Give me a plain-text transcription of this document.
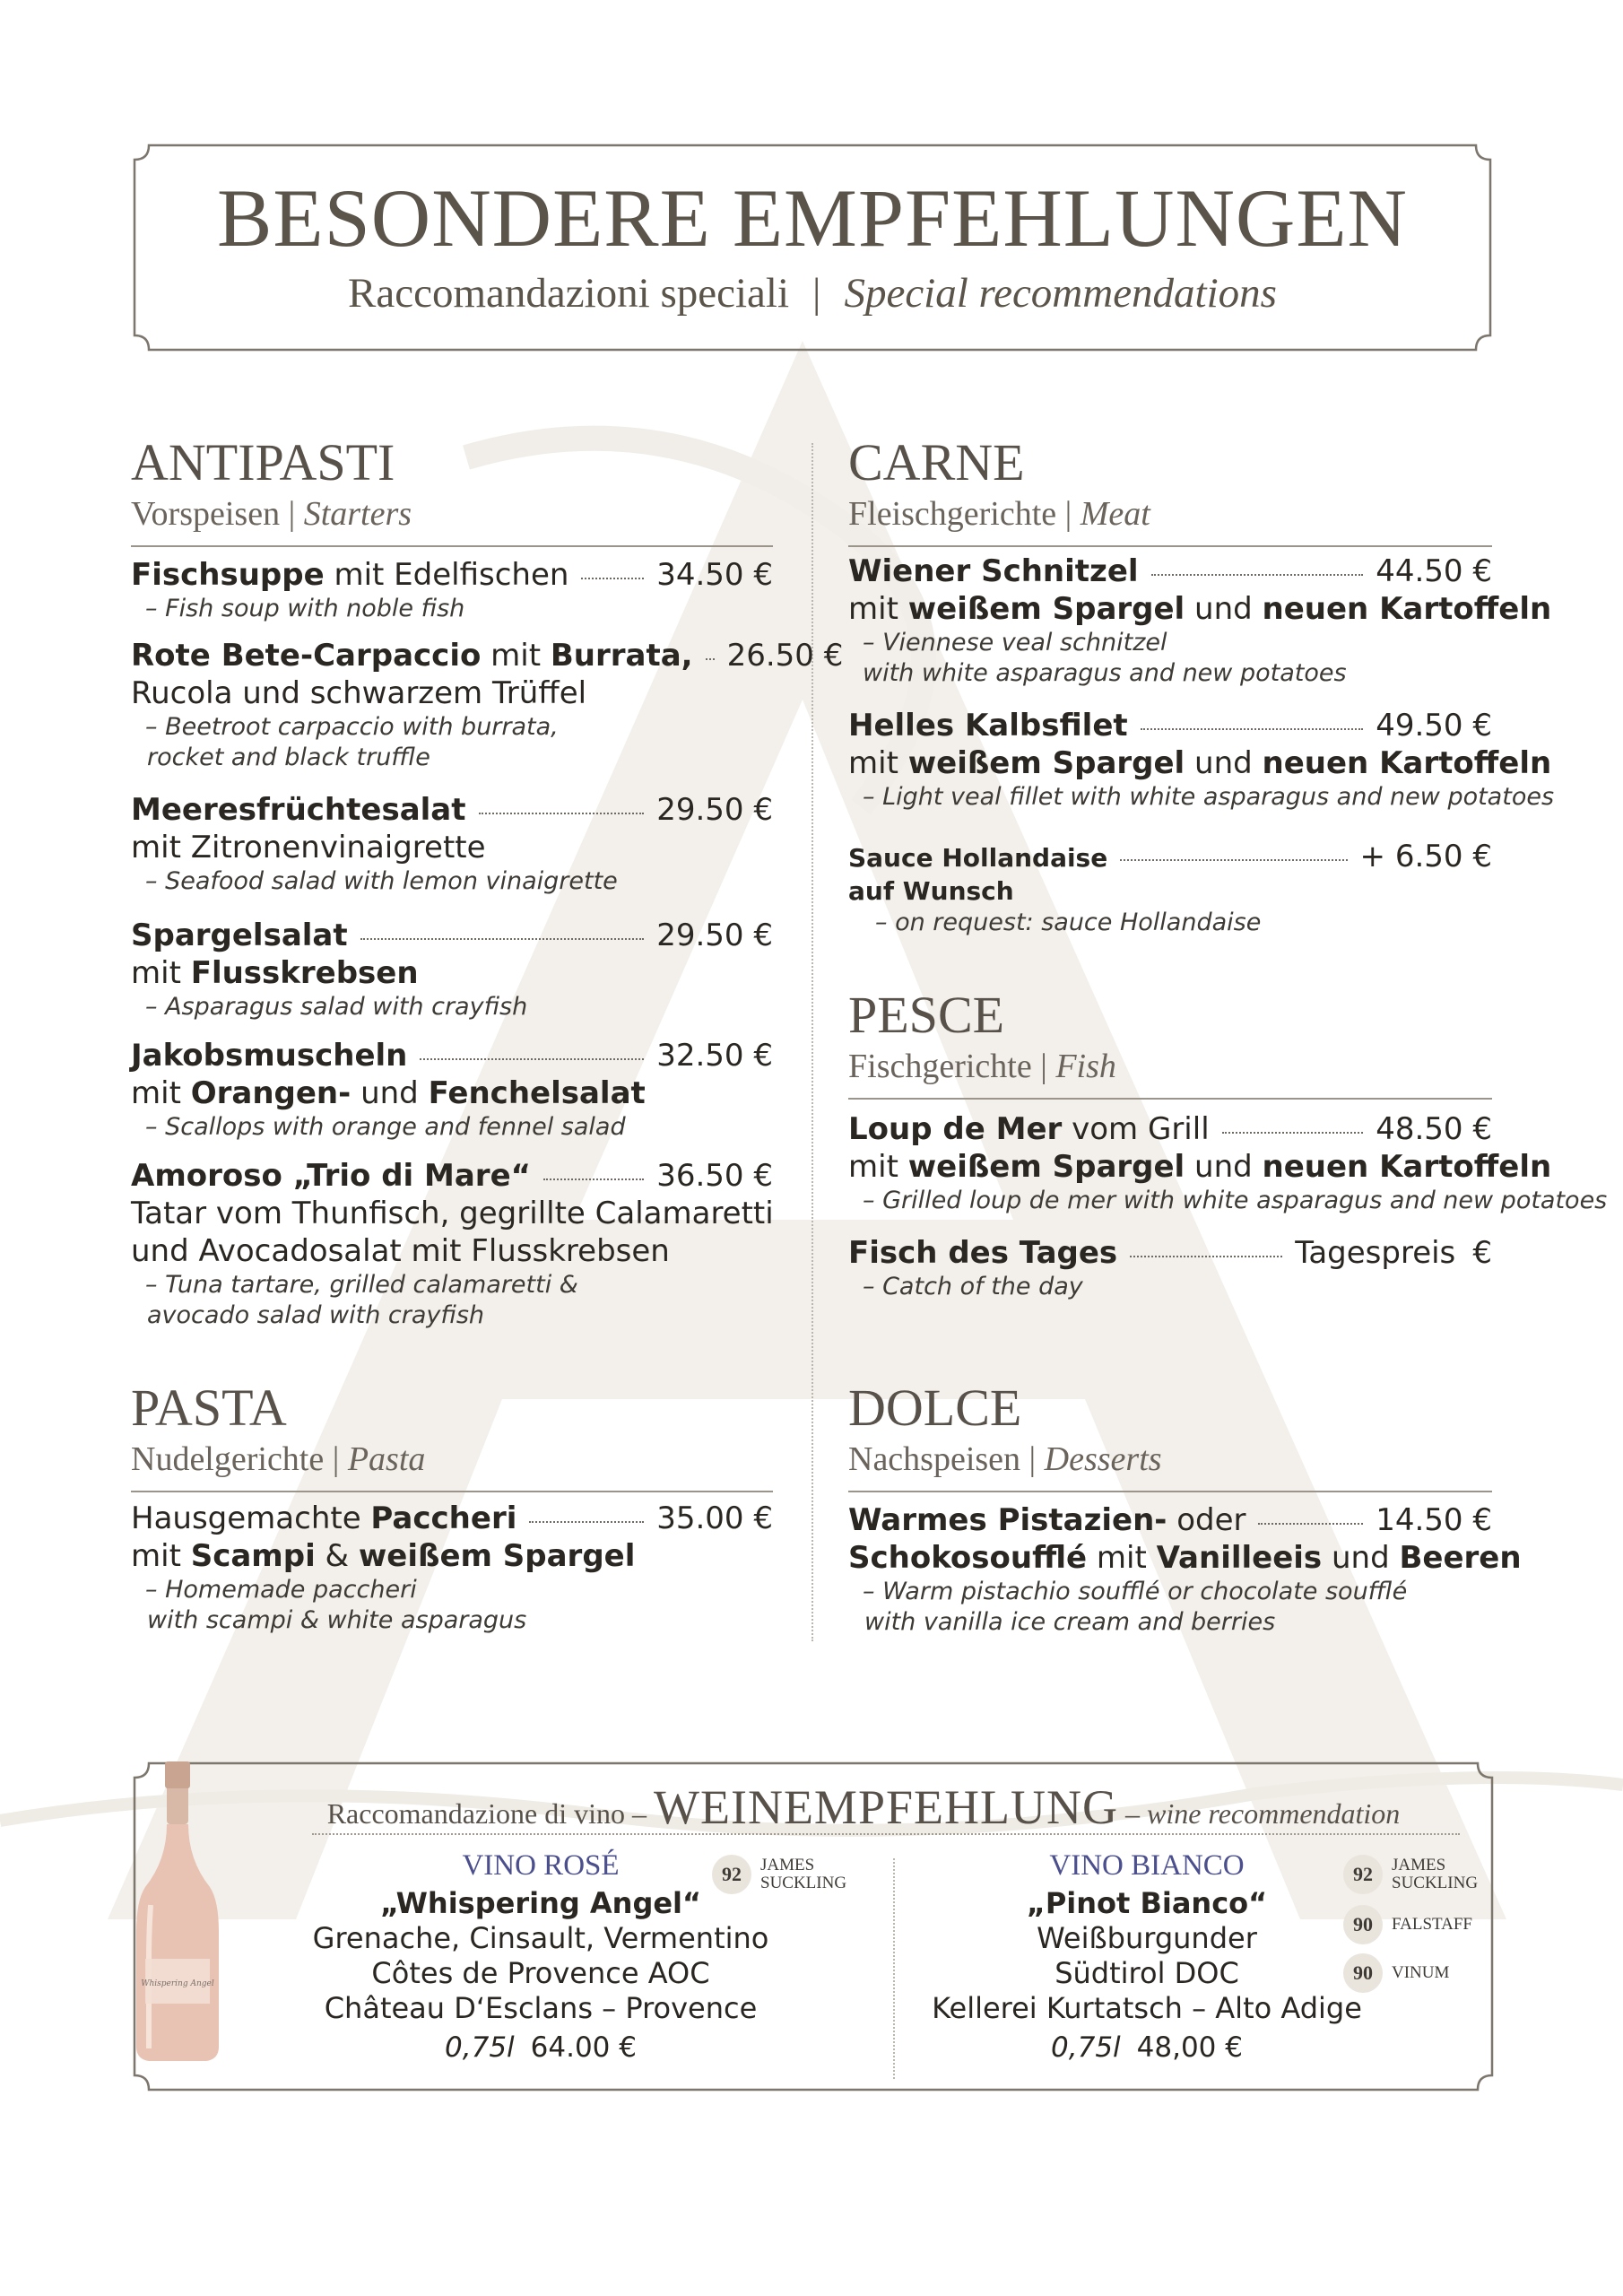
BESONDERE EMPFEHLUNGEN
Raccomandazioni speciali | Special recommendations
ANTIPASTI
Vorspeisen | Starters
Fischsuppe mit Edelfischen	34.50 €
– Fish soup with noble fish
Rote Bete-Carpaccio mit Burrata, 26.50 €
Rucola und schwarzem Trüffel
– Beetroot carpaccio with burrata,
rocket and black truffle
Meeresfrüchtesalat	29.50 €
mit Zitronenvinaigrette
– Seafood salad with lemon vinaigrette
Spargelsalat	29.50 €
mit Flusskrebsen
– Asparagus salad with crayfish
Jakobsmuscheln	32.50 €
mit Orangen- und Fenchelsalat
– Scallops with orange and fennel salad
Amoroso „Trio di Mare“	36.50 €
Tatar vom Thunfisch, gegrillte Calamaretti
und Avocadosalat mit Flusskrebsen
– Tuna tartare, grilled calamaretti &
avocado salad with crayfish
PASTA
Nudelgerichte | Pasta
Hausgemachte Paccheri	35.00 €
mit Scampi & weißem Spargel
– Homemade paccheri
with scampi & white asparagus
CARNE
Fleischgerichte | Meat
Wiener Schnitzel	44.50 €
mit weißem Spargel und neuen Kartoffeln
– Viennese veal schnitzel
with white asparagus and new potatoes
Helles Kalbsfilet	49.50 €
mit weißem Spargel und neuen Kartoffeln
– Light veal fillet with white asparagus and new potatoes
Sauce Hollandaise	+ 6.50 €
auf Wunsch
– on request: sauce Hollandaise
PESCE
Fischgerichte | Fish
Loup de Mer vom Grill	48.50 €
mit weißem Spargel und neuen Kartoffeln
– Grilled loup de mer with white asparagus and new potatoes
Fisch des Tages	Tagespreis €
– Catch of the day
DOLCE
Nachspeisen | Desserts
Warmes Pistazien- oder	14.50 €
Schokosoufflé mit Vanilleeis und Beeren
– Warm pistachio soufflé or chocolate soufflé
with vanilla ice cream and berries
Raccomandazione di vino – WEINEMPFEHLUNG – wine recommendation
Whispering Angel
VINO ROSÉ
„Whispering Angel“
Grenache, Cinsault, Vermentino
Côtes de Provence AOC
Château D‘Esclans – Provence
0,75l 64.00 €
92	JAMES
SUCKLING
VINO BIANCO
„Pinot Bianco“
Weißburgunder
Südtirol DOC
Kellerei Kurtatsch – Alto Adige
0,75l 48,00 €
92	JAMES
SUCKLING
90	FALSTAFF
90	VINUM
